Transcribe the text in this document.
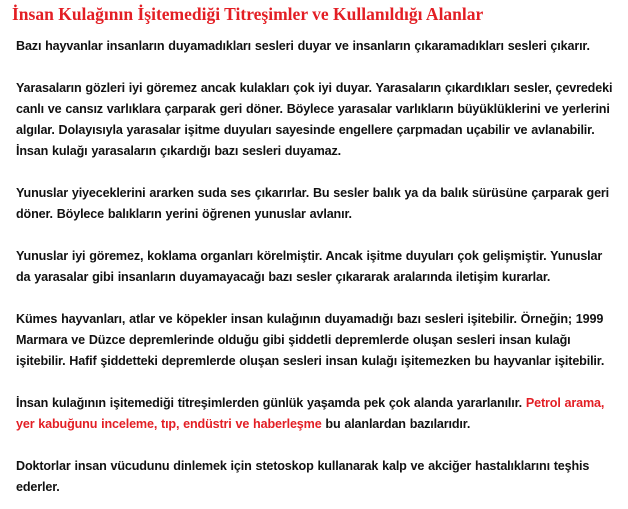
İnsan Kulağının İşitemediği Titreşimler ve Kullanıldığı Alanlar

Bazı hayvanlar insanların duyamadıkları sesleri duyar ve insanların çıkaramadıkları sesleri çıkarır.

Yarasaların gözleri iyi göremez ancak kulakları çok iyi duyar. Yarasaların çıkardıkları sesler, çevredeki canlı ve cansız varlıklara çarparak geri döner. Böylece yarasalar varlıkların büyüklüklerini ve yerlerini algılar. Dolayısıyla yarasalar işitme duyuları sayesinde engellere çarpmadan uçabilir ve avlanabilir. İnsan kulağı yarasaların çıkardığı bazı sesleri duyamaz.

Yunuslar yiyeceklerini ararken suda ses çıkarırlar. Bu sesler balık ya da balık sürüsüne çarparak geri döner. Böylece balıkların yerini öğrenen yunuslar avlanır.

Yunuslar iyi göremez, koklama organları körelmiştir. Ancak işitme duyuları çok gelişmiştir. Yunuslar da yarasalar gibi insanların duyamayacağı bazı sesler çıkararak aralarında iletişim kurarlar.

Kümes hayvanları, atlar ve köpekler insan kulağının duyamadığı bazı sesleri işitebilir. Örneğin; 1999 Marmara ve Düzce depremlerinde olduğu gibi şiddetli depremlerde oluşan sesleri insan kulağı işitebilir. Hafif şiddetteki depremlerde oluşan sesleri insan kulağı işitemezken bu hayvanlar işitebilir.

İnsan kulağının işitemediği titreşimlerden günlük yaşamda pek çok alanda yararlanılır. Petrol arama, yer kabuğunu inceleme, tıp, endüstri ve haberleşme bu alanlardan bazılarıdır.

Doktorlar insan vücudunu dinlemek için stetoskop kullanarak kalp ve akciğer hastalıklarını teşhis ederler.
